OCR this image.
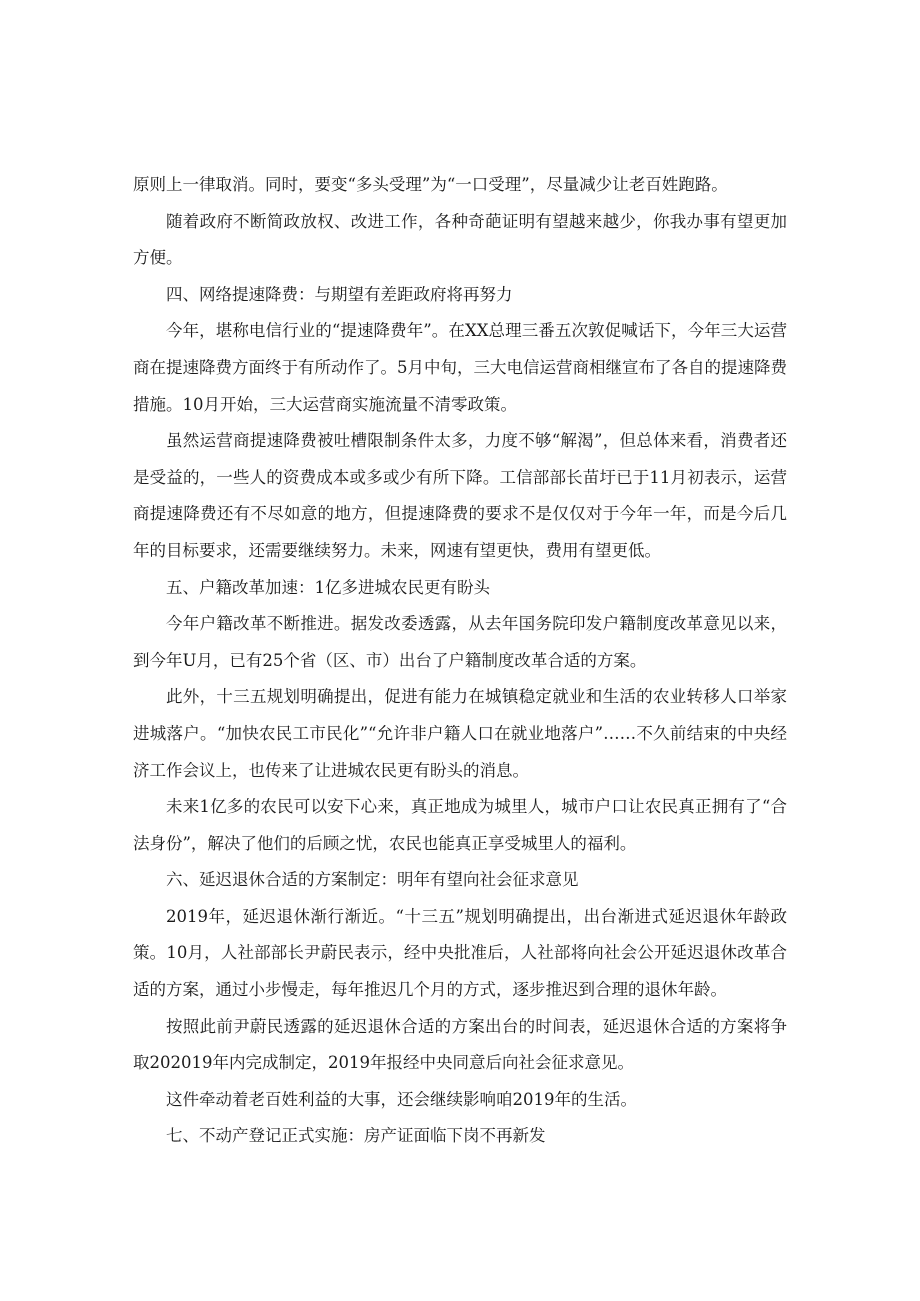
原则上一律取消。同时，要变“多头受理”为“一口受理”，尽量减少让老百姓跑路。

随着政府不断简政放权、改进工作，各种奇葩证明有望越来越少，你我办事有望更加方便。

四、网络提速降费：与期望有差距政府将再努力

今年，堪称电信行业的“提速降费年”。在XX总理三番五次敦促喊话下，今年三大运营商在提速降费方面终于有所动作了。5月中旬，三大电信运营商相继宣布了各自的提速降费措施。10月开始，三大运营商实施流量不清零政策。

虽然运营商提速降费被吐槽限制条件太多，力度不够“解渴”，但总体来看，消费者还是受益的，一些人的资费成本或多或少有所下降。工信部部长苗圩已于11月初表示，运营商提速降费还有不尽如意的地方，但提速降费的要求不是仅仅对于今年一年，而是今后几年的目标要求，还需要继续努力。未来，网速有望更快，费用有望更低。

五、户籍改革加速：1亿多进城农民更有盼头

今年户籍改革不断推进。据发改委透露，从去年国务院印发户籍制度改革意见以来，到今年U月，已有25个省（区、市）出台了户籍制度改革合适的方案。

此外，十三五规划明确提出，促进有能力在城镇稳定就业和生活的农业转移人口举家进城落户。“加快农民工市民化”“允许非户籍人口在就业地落户”……不久前结束的中央经济工作会议上，也传来了让进城农民更有盼头的消息。

未来1亿多的农民可以安下心来，真正地成为城里人，城市户口让农民真正拥有了“合法身份”，解决了他们的后顾之忧，农民也能真正享受城里人的福利。

六、延迟退休合适的方案制定：明年有望向社会征求意见

2019年，延迟退休渐行渐近。“十三五”规划明确提出，出台渐进式延迟退休年龄政策。10月，人社部部长尹蔚民表示，经中央批准后，人社部将向社会公开延迟退休改革合适的方案，通过小步慢走，每年推迟几个月的方式，逐步推迟到合理的退休年龄。

按照此前尹蔚民透露的延迟退休合适的方案出台的时间表，延迟退休合适的方案将争取202019年内完成制定，2019年报经中央同意后向社会征求意见。

这件牵动着老百姓利益的大事，还会继续影响咱2019年的生活。

七、不动产登记正式实施：房产证面临下岗不再新发
